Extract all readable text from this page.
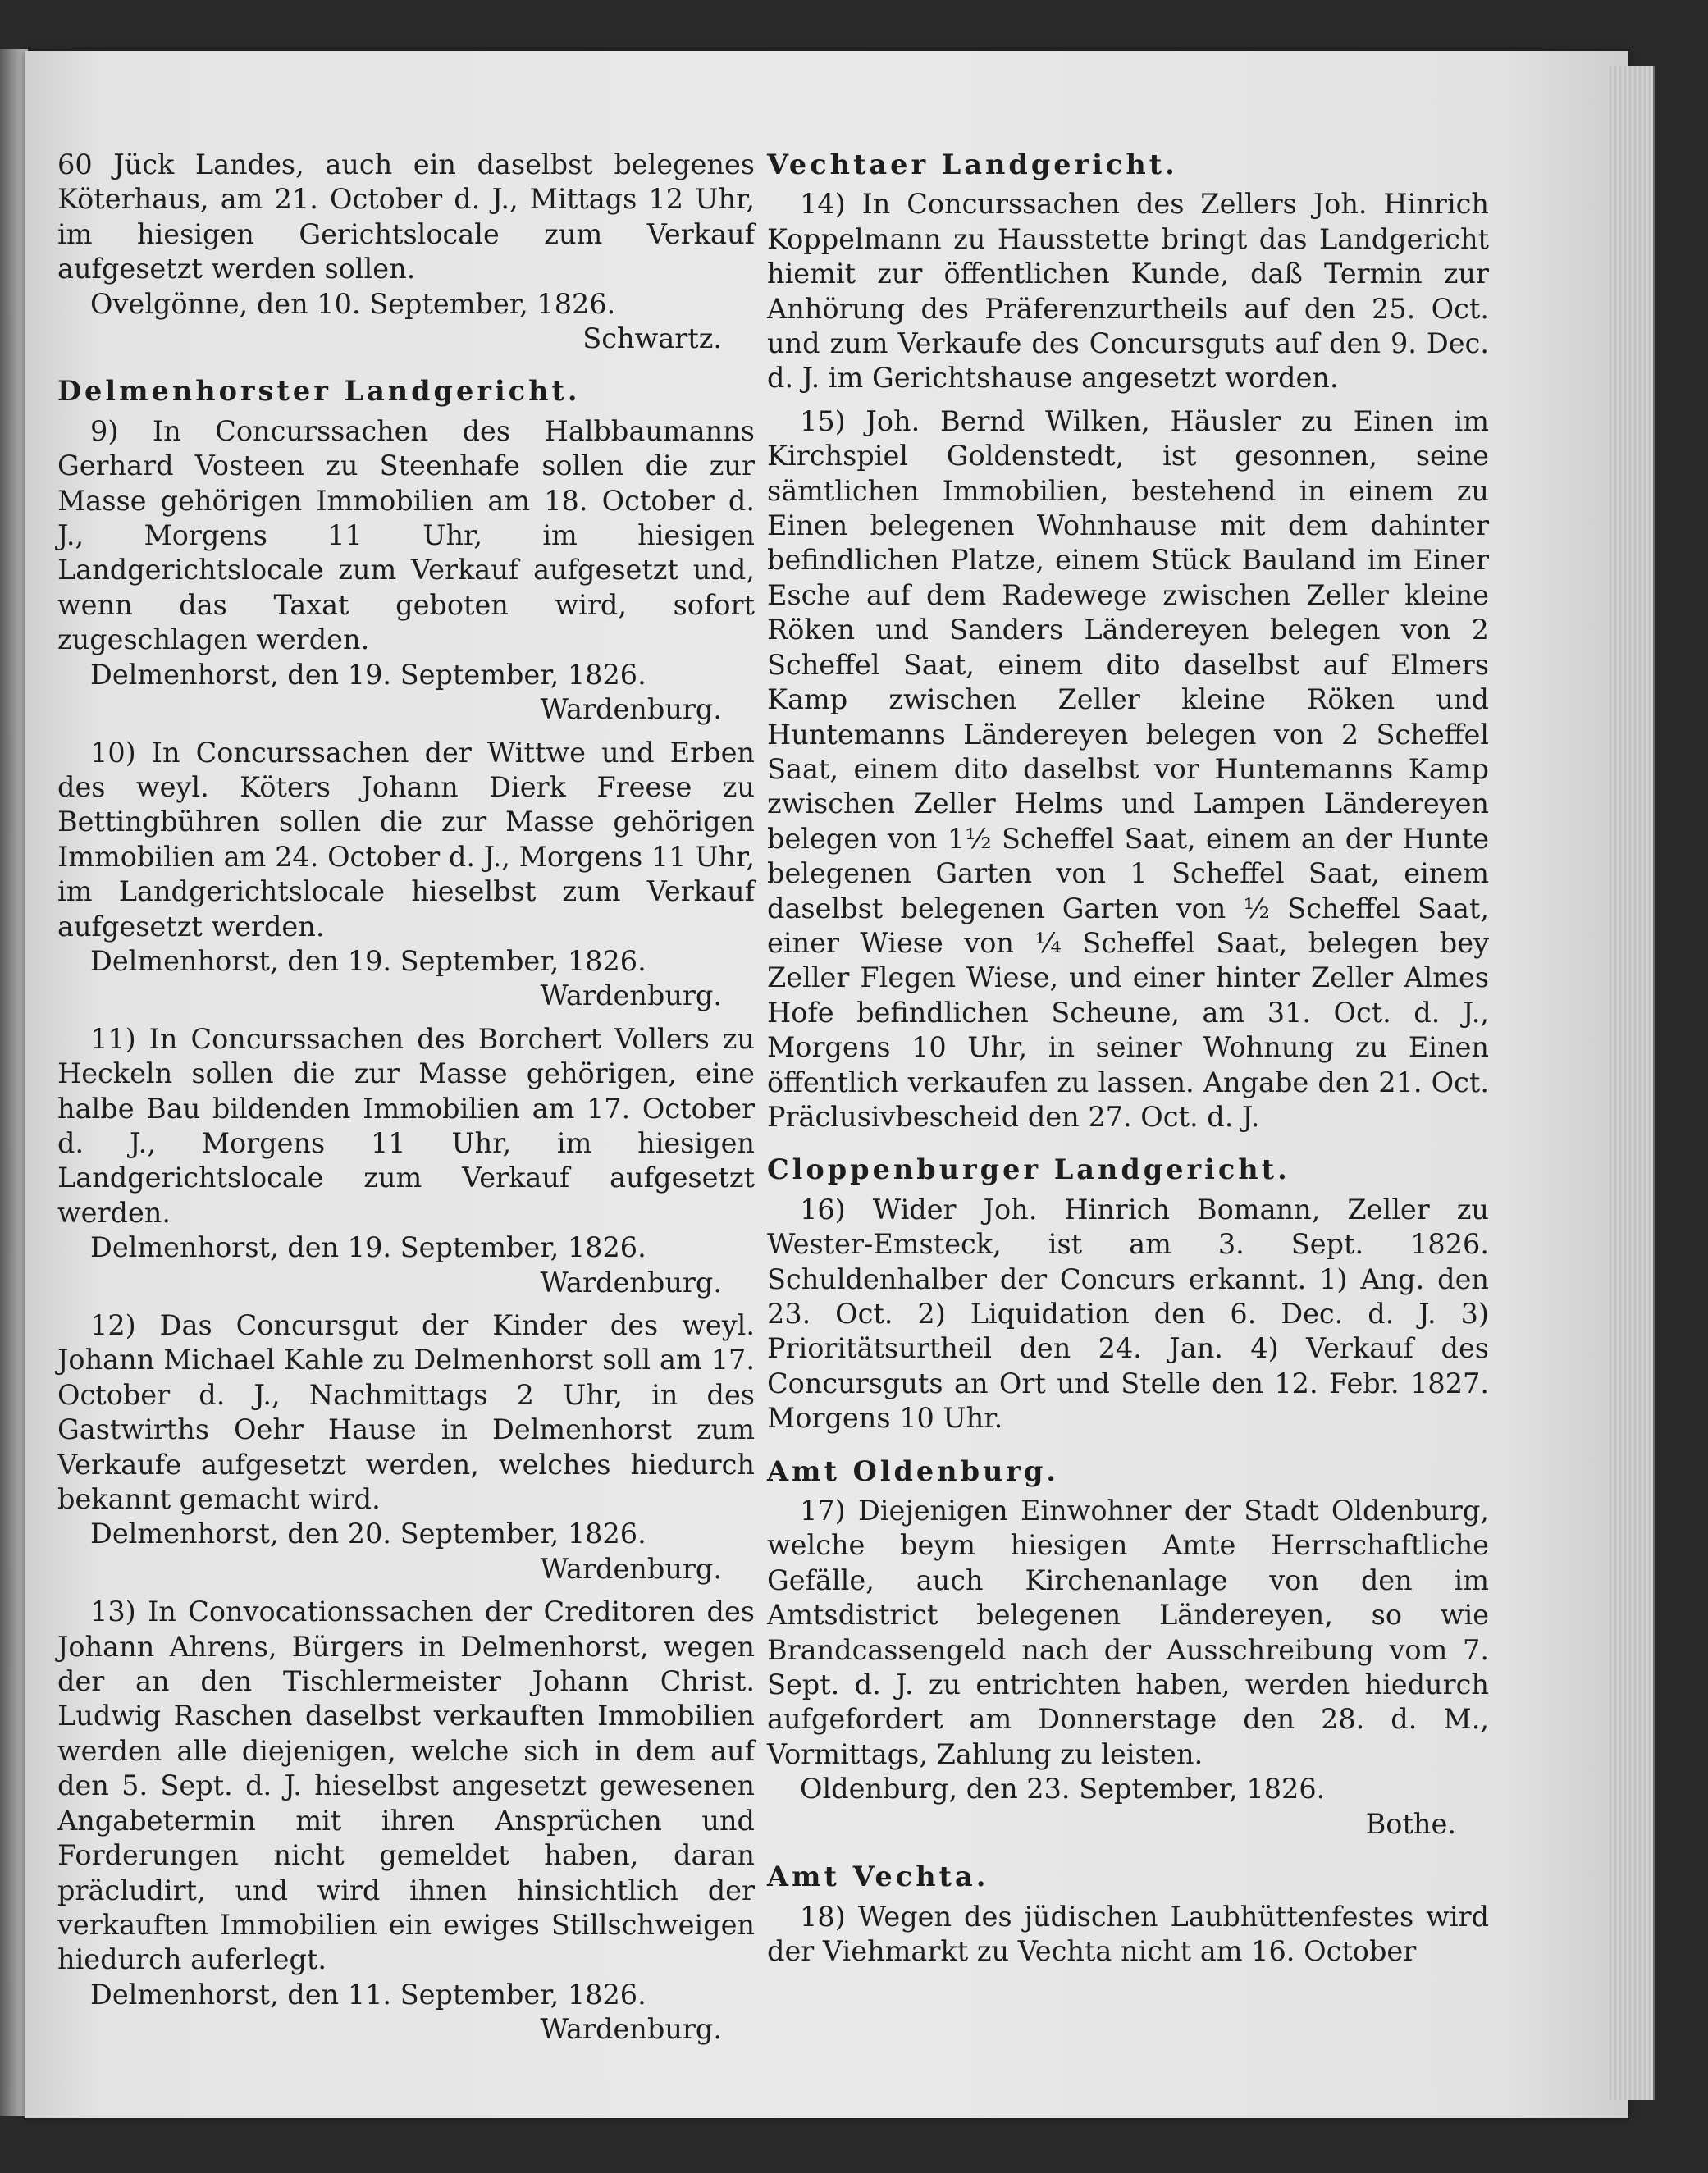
60 Jück Landes, auch ein daselbst belegenes Köterhaus, am 21. October d. J., Mittags 12 Uhr, im hiesigen Gerichtslocale zum Verkauf aufgesetzt werden sollen.

Ovelgönne, den 10. September, 1826.

Schwartz.

Delmenhorster Landgericht.

9) In Concurssachen des Halbbaumanns Gerhard Vosteen zu Steenhafe sollen die zur Masse gehörigen Immobilien am 18. October d. J., Morgens 11 Uhr, im hiesigen Landgerichtslocale zum Verkauf aufgesetzt und, wenn das Taxat geboten wird, sofort zugeschlagen werden.

Delmenhorst, den 19. September, 1826.

Wardenburg.

10) In Concurssachen der Wittwe und Erben des weyl. Köters Johann Dierk Freese zu Bettingbühren sollen die zur Masse gehörigen Immobilien am 24. October d. J., Morgens 11 Uhr, im Landgerichtslocale hieselbst zum Verkauf aufgesetzt werden.

Delmenhorst, den 19. September, 1826.

Wardenburg.

11) In Concurssachen des Borchert Vollers zu Heckeln sollen die zur Masse gehörigen, eine halbe Bau bildenden Immobilien am 17. October d. J., Morgens 11 Uhr, im hiesigen Landgerichtslocale zum Verkauf aufgesetzt werden.

Delmenhorst, den 19. September, 1826.

Wardenburg.

12) Das Concursgut der Kinder des weyl. Johann Michael Kahle zu Delmenhorst soll am 17. October d. J., Nachmittags 2 Uhr, in des Gastwirths Oehr Hause in Delmenhorst zum Verkaufe aufgesetzt werden, welches hiedurch bekannt gemacht wird.

Delmenhorst, den 20. September, 1826.

Wardenburg.

13) In Convocationssachen der Creditoren des Johann Ahrens, Bürgers in Delmenhorst, wegen der an den Tischlermeister Johann Christ. Ludwig Raschen daselbst verkauften Immobilien werden alle diejenigen, welche sich in dem auf den 5. Sept. d. J. hieselbst angesetzt gewesenen Angabetermin mit ihren Ansprüchen und Forderungen nicht gemeldet haben, daran präcludirt, und wird ihnen hinsichtlich der verkauften Immobilien ein ewiges Stillschweigen hiedurch auferlegt.

Delmenhorst, den 11. September, 1826.

Wardenburg.

Vechtaer Landgericht.

14) In Concurssachen des Zellers Joh. Hinrich Koppelmann zu Hausstette bringt das Landgericht hiemit zur öffentlichen Kunde, daß Termin zur Anhörung des Präferenzurtheils auf den 25. Oct. und zum Verkaufe des Concursguts auf den 9. Dec. d. J. im Gerichtshause angesetzt worden.

15) Joh. Bernd Wilken, Häusler zu Einen im Kirchspiel Goldenstedt, ist gesonnen, seine sämtlichen Immobilien, bestehend in einem zu Einen belegenen Wohnhause mit dem dahinter befindlichen Platze, einem Stück Bauland im Einer Esche auf dem Radewege zwischen Zeller kleine Röken und Sanders Ländereyen belegen von 2 Scheffel Saat, einem dito daselbst auf Elmers Kamp zwischen Zeller kleine Röken und Huntemanns Ländereyen belegen von 2 Scheffel Saat, einem dito daselbst vor Huntemanns Kamp zwischen Zeller Helms und Lampen Ländereyen belegen von 1½ Scheffel Saat, einem an der Hunte belegenen Garten von 1 Scheffel Saat, einem daselbst belegenen Garten von ½ Scheffel Saat, einer Wiese von ¼ Scheffel Saat, belegen bey Zeller Flegen Wiese, und einer hinter Zeller Almes Hofe befindlichen Scheune, am 31. Oct. d. J., Morgens 10 Uhr, in seiner Wohnung zu Einen öffentlich verkaufen zu lassen. Angabe den 21. Oct. Präclusivbescheid den 27. Oct. d. J.

Cloppenburger Landgericht.

16) Wider Joh. Hinrich Bomann, Zeller zu Wester-Emsteck, ist am 3. Sept. 1826. Schuldenhalber der Concurs erkannt. 1) Ang. den 23. Oct. 2) Liquidation den 6. Dec. d. J. 3) Prioritätsurtheil den 24. Jan. 4) Verkauf des Concursguts an Ort und Stelle den 12. Febr. 1827. Morgens 10 Uhr.

Amt Oldenburg.

17) Diejenigen Einwohner der Stadt Oldenburg, welche beym hiesigen Amte Herrschaftliche Gefälle, auch Kirchenanlage von den im Amtsdistrict belegenen Ländereyen, so wie Brandcassengeld nach der Ausschreibung vom 7. Sept. d. J. zu entrichten haben, werden hiedurch aufgefordert am Donnerstage den 28. d. M., Vormittags, Zahlung zu leisten.

Oldenburg, den 23. September, 1826.

Bothe.

Amt Vechta.

18) Wegen des jüdischen Laubhüttenfestes wird der Viehmarkt zu Vechta nicht am 16. October
